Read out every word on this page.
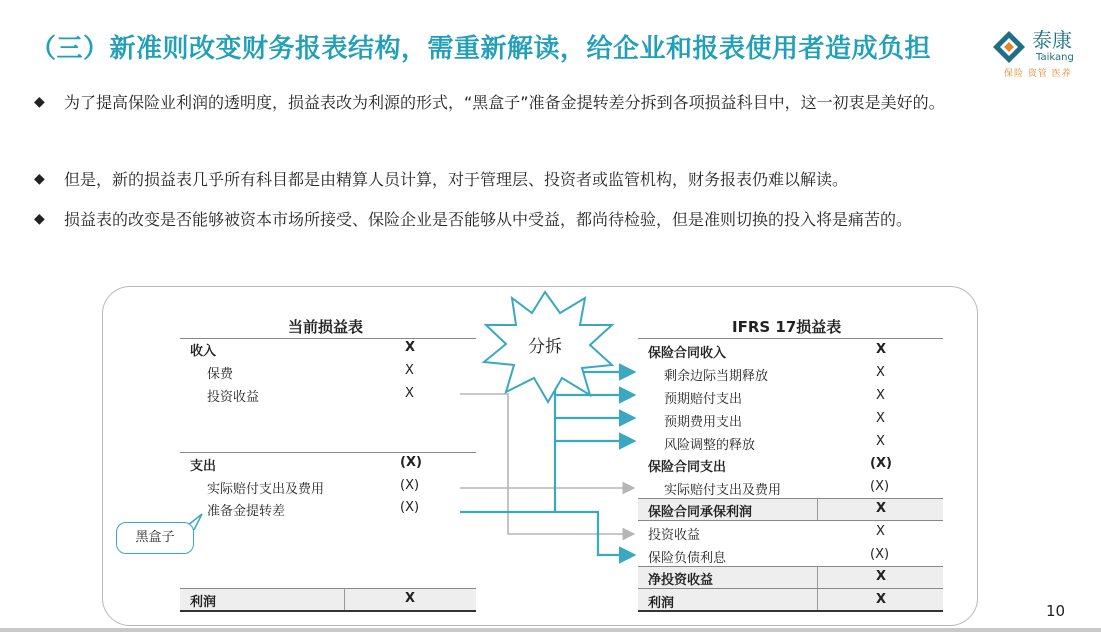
（三）新准则改变财务报表结构，需重新解读，给企业和报表使用者造成负担	泰康
Taikang
保险 资管 医养
◆ 为了提高保险业利润的透明度，损益表改为利源的形式，“黑盒子”准备金提转差分拆到各项损益科目中，这一初衷是美好的。
◆ 但是，新的损益表几乎所有科目都是由精算人员计算，对于管理层、投资者或监管机构，财务报表仍难以解读。
◆ 损益表的改变是否能够被资本市场所接受、保险企业是否能够从中受益，都尚待检验，但是准则切换的投入将是痛苦的。
分拆
当前损益表
收入	X
保费	X
投资收益	X
支出	(X)
实际赔付支出及费用	(X)
准备金提转差	(X)
利润	X
黑盒子
IFRS 17损益表
保险合同收入	X
剩余边际当期释放	X
预期赔付支出	X
预期费用支出	X
风险调整的释放	X
保险合同支出	(X)
实际赔付支出及费用	(X)
保险合同承保利润	X
投资收益	X
保险负债利息	(X)
净投资收益	X
利润	X
10
